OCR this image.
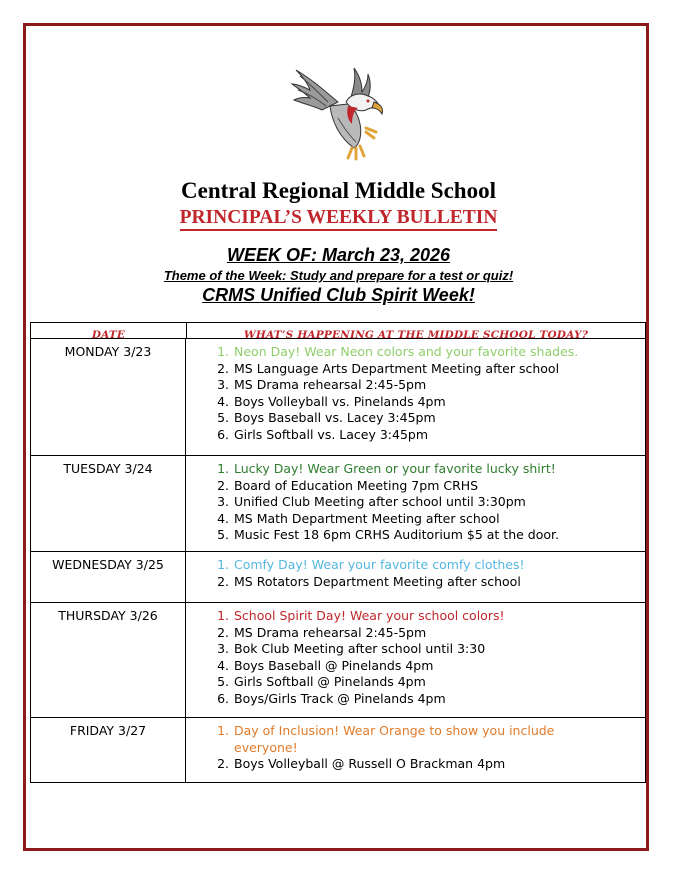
Central Regional Middle School
PRINCIPAL’S WEEKLY BULLETIN
WEEK OF: March 23, 2026
Theme of the Week: Study and prepare for a test or quiz!
CRMS Unified Club Spirit Week!
DATE	WHAT’S HAPPENING AT THE MIDDLE SCHOOL TODAY?
MONDAY 3/23	1. Neon Day! Wear Neon colors and your favorite shades.
2. MS Language Arts Department Meeting after school
3. MS Drama rehearsal 2:45-5pm
4. Boys Volleyball vs. Pinelands 4pm
5. Boys Baseball vs. Lacey 3:45pm
6. Girls Softball vs. Lacey 3:45pm
TUESDAY 3/24	1. Lucky Day! Wear Green or your favorite lucky shirt!
2. Board of Education Meeting 7pm CRHS
3. Unified Club Meeting after school until 3:30pm
4. MS Math Department Meeting after school
5. Music Fest 18 6pm CRHS Auditorium $5 at the door.
WEDNESDAY 3/25	1. Comfy Day! Wear your favorite comfy clothes!
2. MS Rotators Department Meeting after school
THURSDAY 3/26	1. School Spirit Day! Wear your school colors!
2. MS Drama rehearsal 2:45-5pm
3. Bok Club Meeting after school until 3:30
4. Boys Baseball @ Pinelands 4pm
5. Girls Softball @ Pinelands 4pm
6. Boys/Girls Track @ Pinelands 4pm
FRIDAY 3/27	1. Day of Inclusion! Wear Orange to show you include everyone!
2. Boys Volleyball @ Russell O Brackman 4pm
